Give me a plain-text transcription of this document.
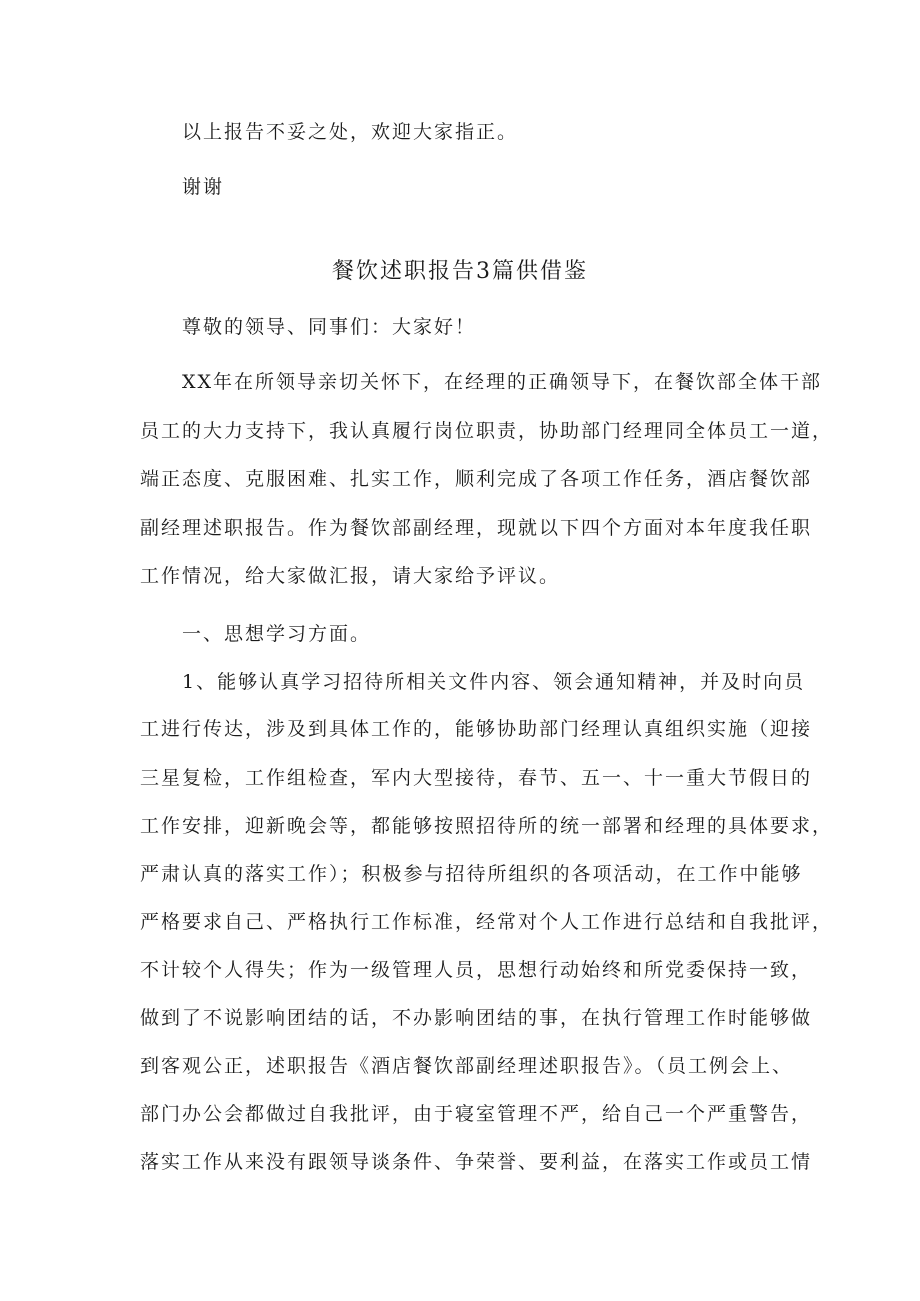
以上报告不妥之处，欢迎大家指正。
谢谢
餐饮述职报告3篇供借鉴
尊敬的领导、同事们：大家好！
XX年在所领导亲切关怀下，在经理的正确领导下，在餐饮部全体干部
员工的大力支持下，我认真履行岗位职责，协助部门经理同全体员工一道，
端正态度、克服困难、扎实工作，顺利完成了各项工作任务，酒店餐饮部
副经理述职报告。作为餐饮部副经理，现就以下四个方面对本年度我任职
工作情况，给大家做汇报，请大家给予评议。
一、思想学习方面。
1、能够认真学习招待所相关文件内容、领会通知精神，并及时向员
工进行传达，涉及到具体工作的，能够协助部门经理认真组织实施（迎接
三星复检，工作组检查，军内大型接待，春节、五一、十一重大节假日的
工作安排，迎新晚会等，都能够按照招待所的统一部署和经理的具体要求，
严肃认真的落实工作）；积极参与招待所组织的各项活动，在工作中能够
严格要求自己、严格执行工作标准，经常对个人工作进行总结和自我批评，
不计较个人得失；作为一级管理人员，思想行动始终和所党委保持一致，
做到了不说影响团结的话，不办影响团结的事，在执行管理工作时能够做
到客观公正，述职报告《酒店餐饮部副经理述职报告》。（员工例会上、
部门办公会都做过自我批评，由于寝室管理不严，给自己一个严重警告，
落实工作从来没有跟领导谈条件、争荣誉、要利益，在落实工作或员工情
